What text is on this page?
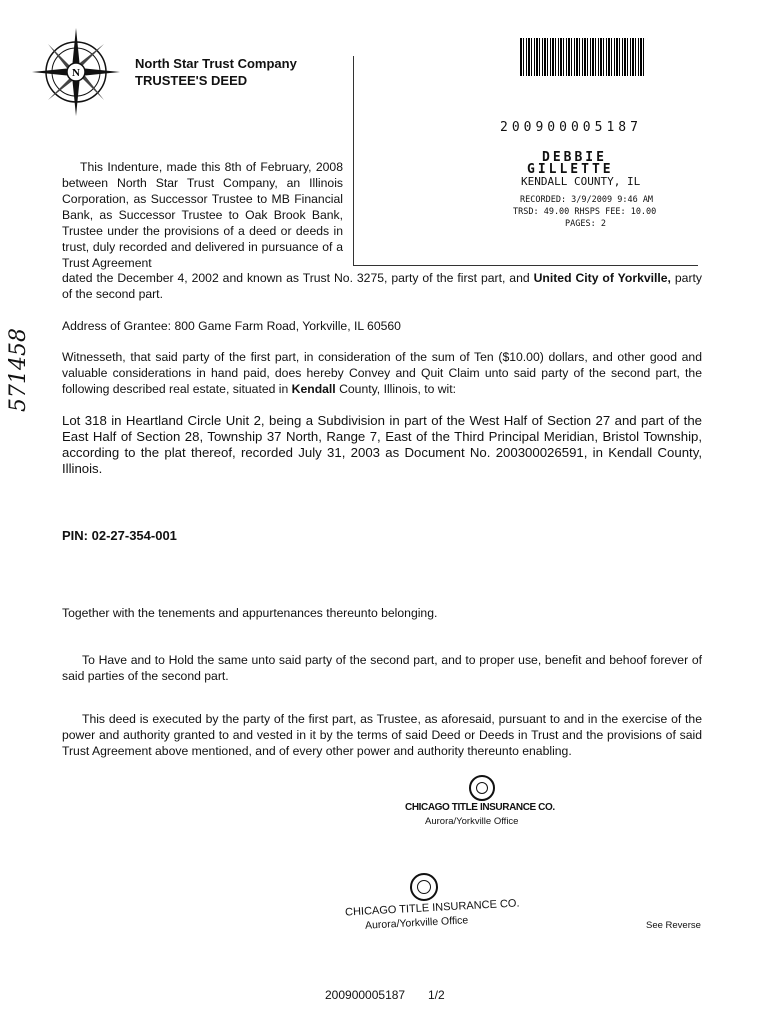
N
North Star Trust Company
TRUSTEE'S DEED
200900005187
DEBBIE
GILLETTE
KENDALL COUNTY, IL
RECORDED: 3/9/2009 9:46 AM
TRSD: 49.00 RHSPS FEE: 10.00
PAGES: 2
571458
This Indenture, made this 8th of February, 2008 between North Star Trust Company, an Illinois Corporation, as Successor Trustee to MB Financial Bank, as Successor Trustee to Oak Brook Bank, Trustee under the provisions of a deed or deeds in trust, duly recorded and delivered in pursuance of a Trust Agreement
dated the December 4, 2002 and known as Trust No. 3275, party of the first part, and United City of Yorkville, party of the second part.
Address of Grantee: 800 Game Farm Road, Yorkville, IL 60560
Witnesseth, that said party of the first part, in consideration of the sum of Ten ($10.00) dollars, and other good and valuable considerations in hand paid, does hereby Convey and Quit Claim unto said party of the second part, the following described real estate, situated in Kendall County, Illinois, to wit:
Lot 318 in Heartland Circle Unit 2, being a Subdivision in part of the West Half of Section 27 and part of the East Half of Section 28, Township 37 North, Range 7, East of the Third Principal Meridian, Bristol Township, according to the plat thereof, recorded July 31, 2003 as Document No. 200300026591, in Kendall County, Illinois.
PIN: 02-27-354-001
Together with the tenements and appurtenances thereunto belonging.
To Have and to Hold the same unto said party of the second part, and to proper use, benefit and behoof forever of said parties of the second part.
This deed is executed by the party of the first part, as Trustee, as aforesaid, pursuant to and in the exercise of the power and authority granted to and vested in it by the terms of said Deed or Deeds in Trust and the provisions of said Trust Agreement above mentioned, and of every other power and authority thereunto enabling.
CHICAGO TITLE INSURANCE CO.
Aurora/Yorkville Office
CHICAGO TITLE INSURANCE CO.
Aurora/Yorkville Office	See Reverse
200900005187 1/2
